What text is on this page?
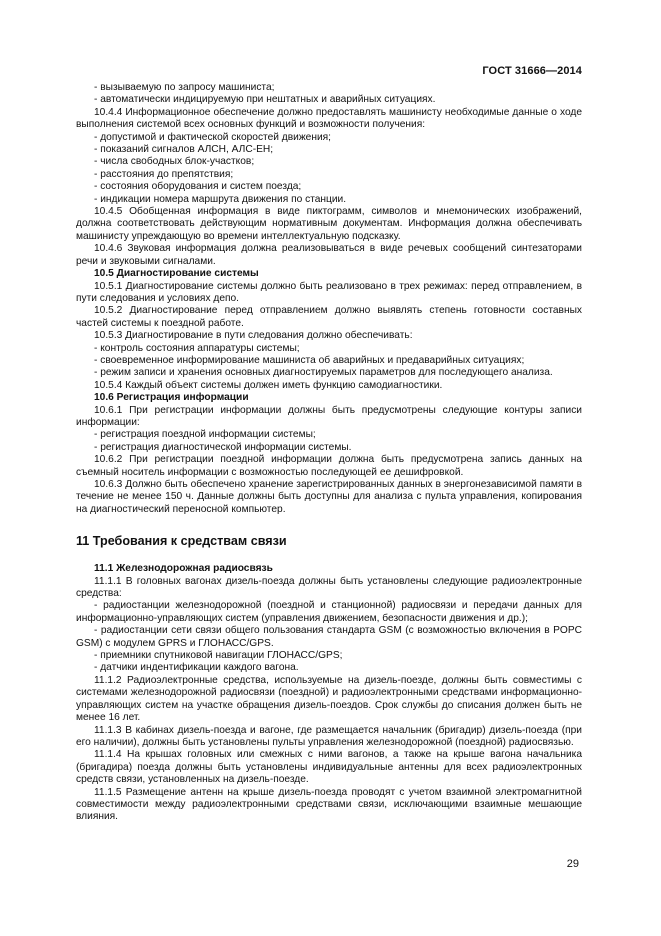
ГОСТ 31666—2014

- вызываемую по запросу машиниста;

- автоматически индицируемую при нештатных и аварийных ситуациях.

10.4.4 Информационное обеспечение должно предоставлять машинисту необходимые данные о ходе выполнения системой всех основных функций и возможности получения:

- допустимой и фактической скоростей движения;

- показаний сигналов АЛСН, АЛС-ЕН;

- числа свободных блок-участков;

- расстояния до препятствия;

- состояния оборудования и систем поезда;

- индикации номера маршрута движения по станции.

10.4.5 Обобщенная информация в виде пиктограмм, символов и мнемонических изображений, должна соответствовать действующим нормативным документам. Информация должна обеспечивать машинисту упреждающую во времени интеллектуальную подсказку.

10.4.6 Звуковая информация должна реализовываться в виде речевых сообщений синтезаторами речи и звуковыми сигналами.

10.5 Диагностирование системы

10.5.1 Диагностирование системы должно быть реализовано в трех режимах: перед отправлением, в пути следования и условиях депо.

10.5.2 Диагностирование перед отправлением должно выявлять степень готовности составных частей системы к поездной работе.

10.5.3 Диагностирование в пути следования должно обеспечивать:

- контроль состояния аппаратуры системы;

- своевременное информирование машиниста об аварийных и предаварийных ситуациях;

- режим записи и хранения основных диагностируемых параметров для последующего анализа.

10.5.4 Каждый объект системы должен иметь функцию самодиагностики.

10.6 Регистрация информации

10.6.1 При регистрации информации должны быть предусмотрены следующие контуры записи информации:

- регистрация поездной информации системы;

- регистрация диагностической информации системы.

10.6.2 При регистрации поездной информации должна быть предусмотрена запись данных на съемный носитель информации с возможностью последующей ее дешифровкой.

10.6.3 Должно быть обеспечено хранение зарегистрированных данных в энергонезависимой памяти в течение не менее 150 ч. Данные должны быть доступны для анализа с пульта управления, копирования на диагностический переносной компьютер.

11 Требования к средствам связи

11.1 Железнодорожная радиосвязь

11.1.1 В головных вагонах дизель-поезда должны быть установлены следующие радиоэлектронные средства:

- радиостанции железнодорожной (поездной и станционной) радиосвязи и передачи данных для информационно-управляющих систем (управления движением, безопасности движения и др.);

- радиостанции сети связи общего пользования стандарта GSM (с возможностью включения в POPC GSM) с модулем GPRS и ГЛОНАСС/GPS.

- приемники спутниковой навигации ГЛОНАСС/GPS;

- датчики индентификации каждого вагона.

11.1.2 Радиоэлектронные средства, используемые на дизель-поезде, должны быть совместимы с системами железнодорожной радиосвязи (поездной) и радиоэлектронными средствами информационно-управляющих систем на участке обращения дизель-поездов. Срок службы до списания должен быть не менее 16 лет.

11.1.3 В кабинах дизель-поезда и вагоне, где размещается начальник (бригадир) дизель-поезда (при его наличии), должны быть установлены пульты управления железнодорожной (поездной) радиосвязью.

11.1.4 На крышах головных или смежных с ними вагонов, а также на крыше вагона начальника (бригадира) поезда должны быть установлены индивидуальные антенны для всех радиоэлектронных средств связи, установленных на дизель-поезде.

11.1.5 Размещение антенн на крыше дизель-поезда проводят с учетом взаимной электромагнитной совместимости между радиоэлектронными средствами связи, исключающими взаимные мешающие влияния.

29
